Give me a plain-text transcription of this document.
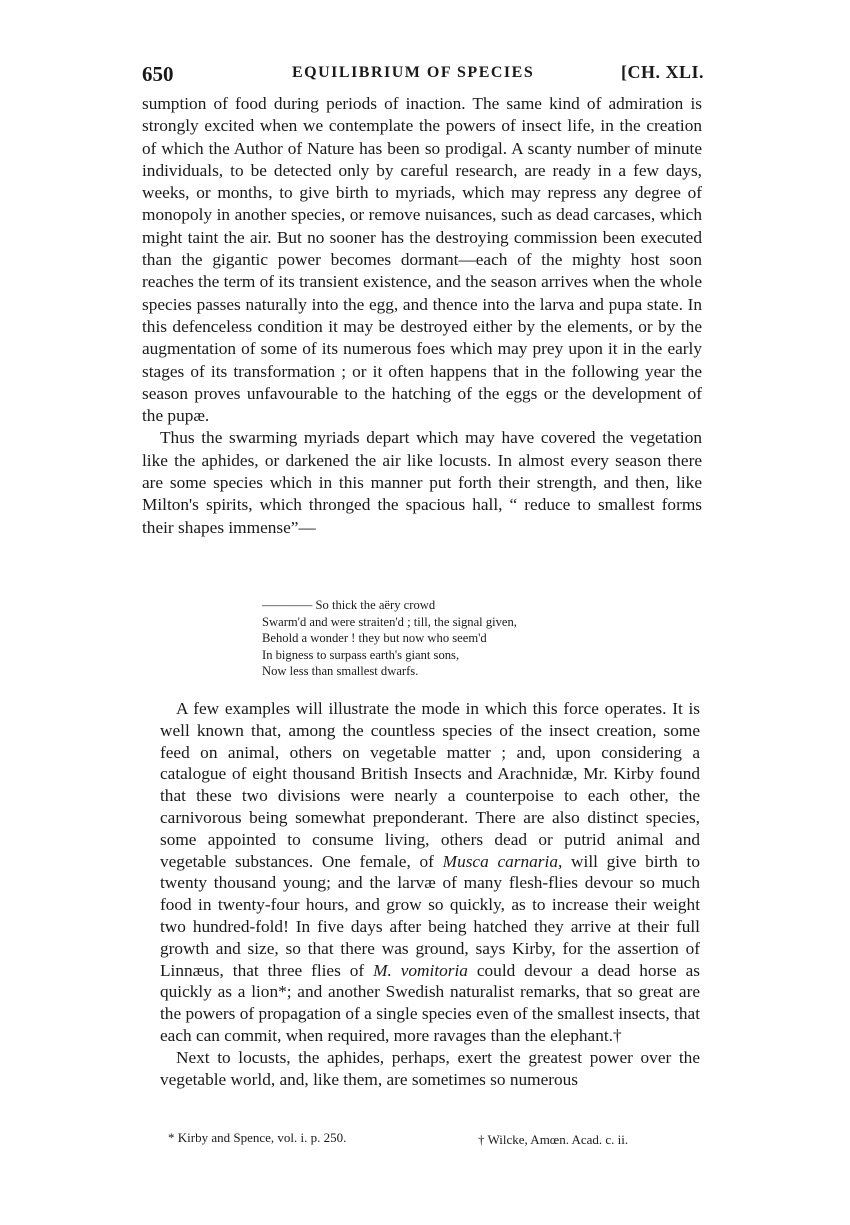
650	EQUILIBRIUM OF SPECIES	[CH. XLI.

sumption of food during periods of inaction. The same kind of admiration is strongly excited when we contemplate the powers of insect life, in the creation of which the Author of Nature has been so prodigal. A scanty number of minute individuals, to be detected only by careful research, are ready in a few days, weeks, or months, to give birth to myriads, which may repress any degree of monopoly in another species, or remove nuisances, such as dead carcases, which might taint the air. But no sooner has the destroying commission been executed than the gigantic power becomes dormant—each of the mighty host soon reaches the term of its transient existence, and the season arrives when the whole species passes naturally into the egg, and thence into the larva and pupa state. In this defenceless condition it may be destroyed either by the elements, or by the augmentation of some of its numerous foes which may prey upon it in the early stages of its transformation ; or it often happens that in the following year the season proves unfavourable to the hatching of the eggs or the development of the pupæ.

Thus the swarming myriads depart which may have covered the vegetation like the aphides, or darkened the air like locusts. In almost every season there are some species which in this manner put forth their strength, and then, like Milton's spirits, which thronged the spacious hall, “ reduce to smallest forms their shapes immense”—

———— So thick the aëry crowd
Swarm'd and were straiten'd ; till, the signal given,
Behold a wonder ! they but now who seem'd
In bigness to surpass earth's giant sons,
Now less than smallest dwarfs.

A few examples will illustrate the mode in which this force operates. It is well known that, among the countless species of the insect creation, some feed on animal, others on vegetable matter ; and, upon considering a catalogue of eight thousand British Insects and Arachnidæ, Mr. Kirby found that these two divisions were nearly a counterpoise to each other, the carnivorous being somewhat preponderant. There are also distinct species, some appointed to consume living, others dead or putrid animal and vegetable substances. One female, of Musca carnaria, will give birth to twenty thousand young; and the larvæ of many flesh-flies devour so much food in twenty-four hours, and grow so quickly, as to increase their weight two hundred-fold! In five days after being hatched they arrive at their full growth and size, so that there was ground, says Kirby, for the assertion of Linnæus, that three flies of M. vomitoria could devour a dead horse as quickly as a lion*; and another Swedish naturalist remarks, that so great are the powers of propagation of a single species even of the smallest insects, that each can commit, when required, more ravages than the elephant.†

Next to locusts, the aphides, perhaps, exert the greatest power over the vegetable world, and, like them, are sometimes so numerous

* Kirby and Spence, vol. i. p. 250.	† Wilcke, Amœn. Acad. c. ii.
